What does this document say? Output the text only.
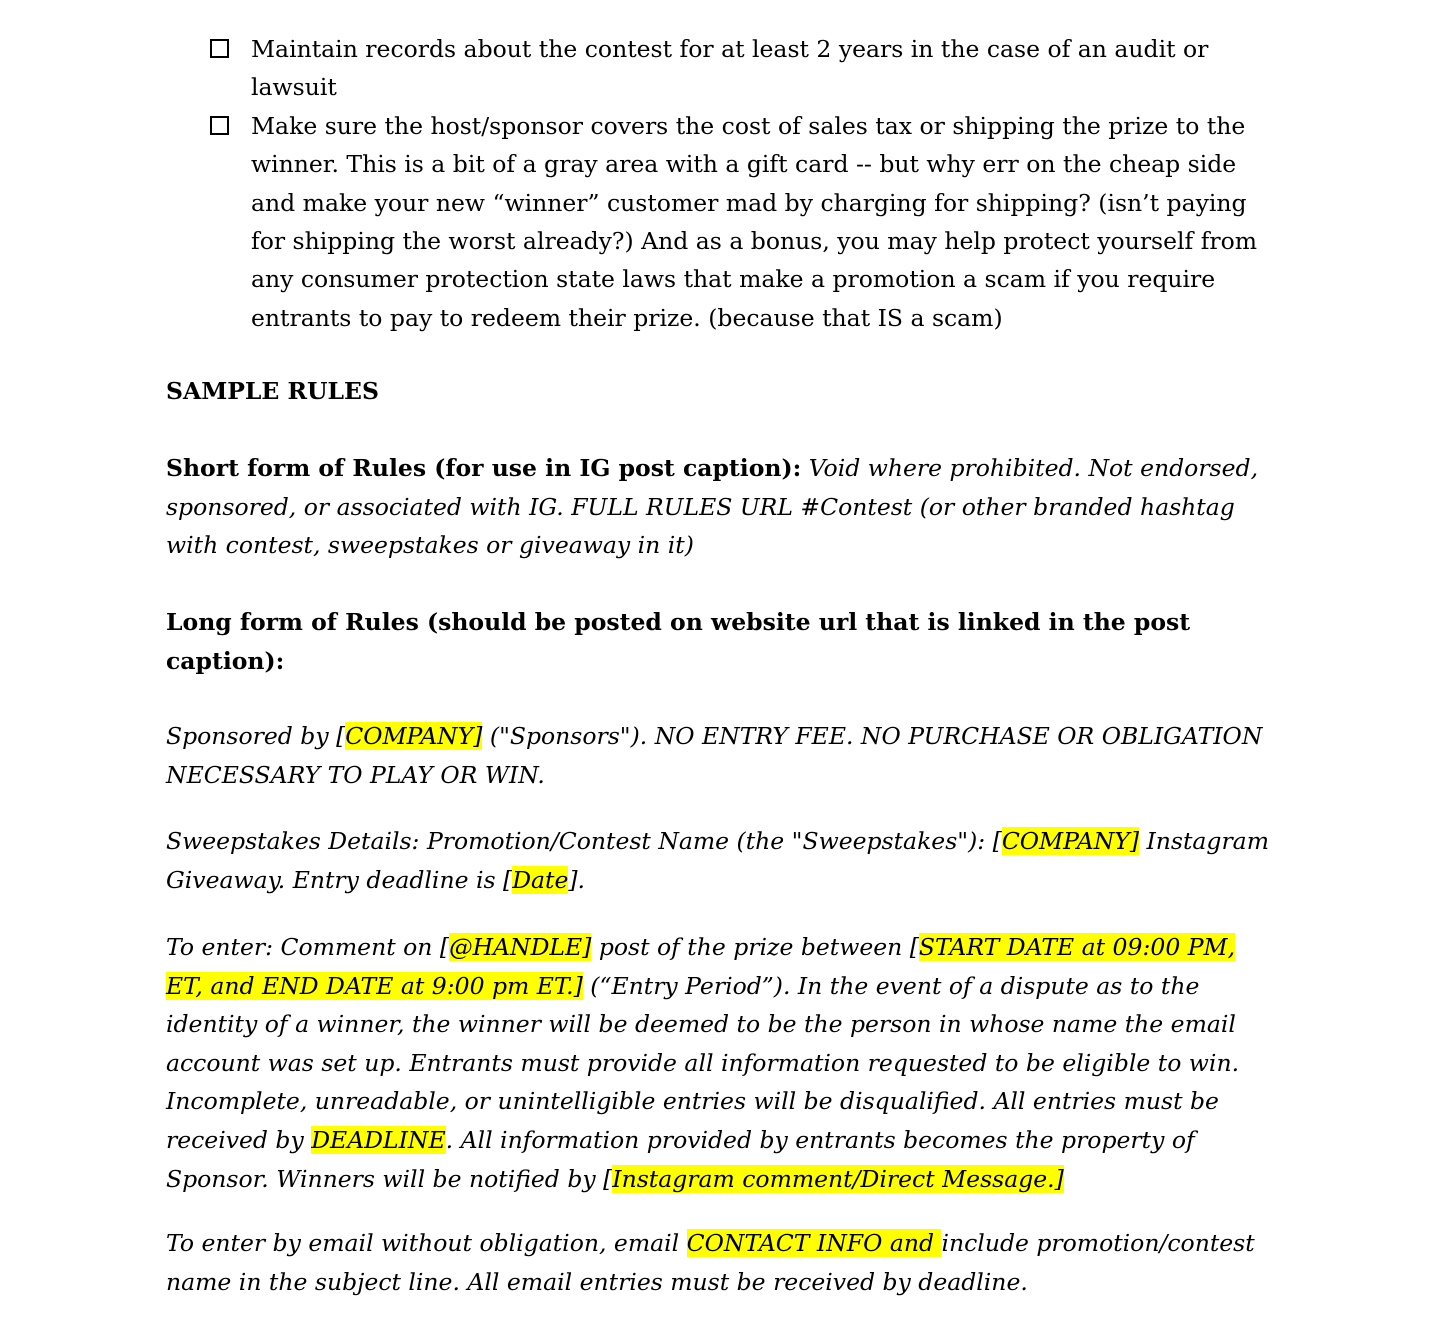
Maintain records about the contest for at least 2 years in the case of an audit or lawsuit
Make sure the host/sponsor covers the cost of sales tax or shipping the prize to the winner. This is a bit of a gray area with a gift card -- but why err on the cheap side and make your new “winner” customer mad by charging for shipping? (isn’t paying for shipping the worst already?) And as a bonus, you may help protect yourself from any consumer protection state laws that make a promotion a scam if you require entrants to pay to redeem their prize. (because that IS a scam)

SAMPLE RULES

Short form of Rules (for use in IG post caption): Void where prohibited. Not endorsed, sponsored, or associated with IG. FULL RULES URL #Contest (or other branded hashtag with contest, sweepstakes or giveaway in it)

Long form of Rules (should be posted on website url that is linked in the post caption):

Sponsored by [COMPANY] ("Sponsors"). NO ENTRY FEE. NO PURCHASE OR OBLIGATION NECESSARY TO PLAY OR WIN.

Sweepstakes Details: Promotion/Contest Name (the "Sweepstakes"): [COMPANY] Instagram Giveaway. Entry deadline is [Date].

To enter: Comment on [@HANDLE] post of the prize between [START DATE at 09:00 PM, ET, and END DATE at 9:00 pm ET.] (“Entry Period”). In the event of a dispute as to the identity of a winner, the winner will be deemed to be the person in whose name the email account was set up. Entrants must provide all information requested to be eligible to win. Incomplete, unreadable, or unintelligible entries will be disqualified. All entries must be received by DEADLINE. All information provided by entrants becomes the property of Sponsor. Winners will be notified by [Instagram comment/Direct Message.]

To enter by email without obligation, email CONTACT INFO and include promotion/contest name in the subject line. All email entries must be received by deadline.
